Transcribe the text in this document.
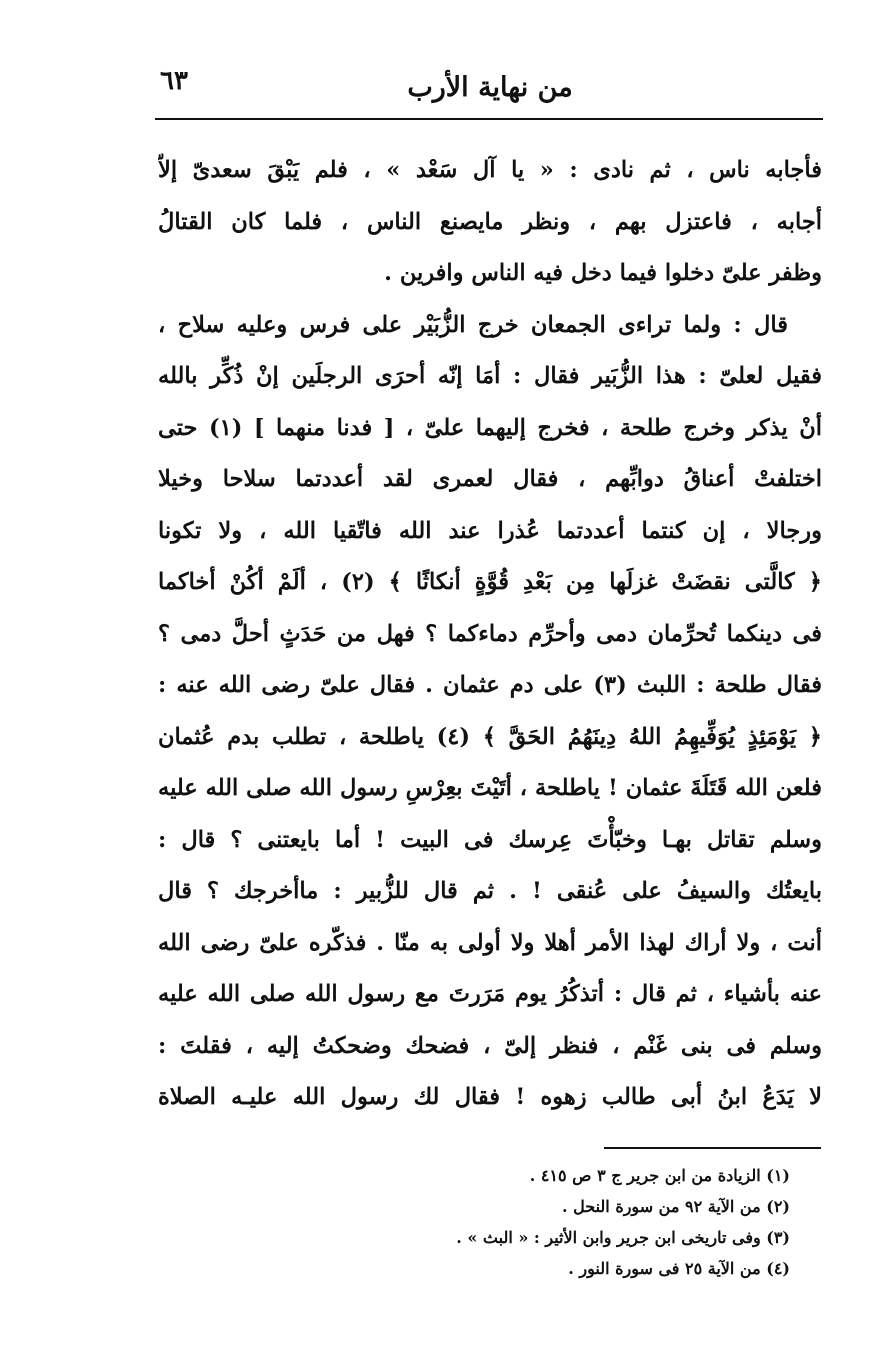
٦٣	من نهاية الأرب
فأجابه ناس ، ثم نادى : « يا آل سَعْد » ، فلم يَبْقَ سعدىّ إلاّ
أجابه ، فاعتزل بهم ، ونظر مايصنع الناس ، فلما كان القتالُ
وظفر علىّ دخلوا فيما دخل فيه الناس وافرين .
قال : ولما تراءى الجمعان خرج الزُّبَيْر على فرس وعليه سلاح ،
فقيل لعلىّ : هذا الزُّبَير فقال : أمَا إنّه أحرَى الرجلَين إنْ ذُكِّر بالله
أنْ يذكر وخرج طلحة ، فخرج إليهما علىّ ، [ فدنا منهما ] (١) حتى
اختلفتْ أعناقُ دوابِّهم ، فقال لعمرى لقد أعددتما سلاحا وخيلا
ورجالا ، إن كنتما أعددتما عُذرا عند الله فاتّقيا الله ، ولا تكونا
﴿ كالَّتى نقضَتْ غزلَها مِن بَعْدِ قُوَّةٍ أنكاثًا ﴾ (٢) ، ألَمْ أكُنْ أخاكما
فى دينكما تُحرِّمان دمى وأحرِّم دماءكما ؟ فهل من حَدَثٍ أحلَّ دمى ؟
فقال طلحة : اللبث (٣) على دم عثمان . فقال علىّ رضى الله عنه :
﴿ يَوْمَئِذٍ يُوَفِّيهِمُ اللهُ دِينَهُمُ الحَقَّ ﴾ (٤) ياطلحة ، تطلب بدم عُثمان
فلعن الله قَتَلَةَ عثمان ! ياطلحة ، أتَيْتَ بعِرْسِ رسول الله صلى الله عليه
وسلم تقاتل بهـا وخبّأْتَ عِرسك فى البيت ! أما بايعتنى ؟ قال :
بايعتُك والسيفُ على عُنقى ! . ثم قال للزُّبير : ماأخرجك ؟ قال
أنت ، ولا أراك لهذا الأمر أهلا ولا أولى به منّا . فذكّره علىّ رضى الله
عنه بأشياء ، ثم قال : أتذكُرُ يوم مَرَرتَ مع رسول الله صلى الله عليه
وسلم فى بنى غَنْم ، فنظر إلىّ ، فضحك وضحكتُ إليه ، فقلتَ :
لا يَدَعُ ابنُ أبى طالب زهوه ! فقال لك رسول الله عليـه الصلاة
(١) الزيادة من ابن جرير ج ٣ ص ٤١٥ .
(٢) من الآية ٩٢ من سورة النحل .
(٣) وفى تاريخى ابن جرير وابن الأثير : « البث » .
(٤) من الآية ٢٥ فى سورة النور .
